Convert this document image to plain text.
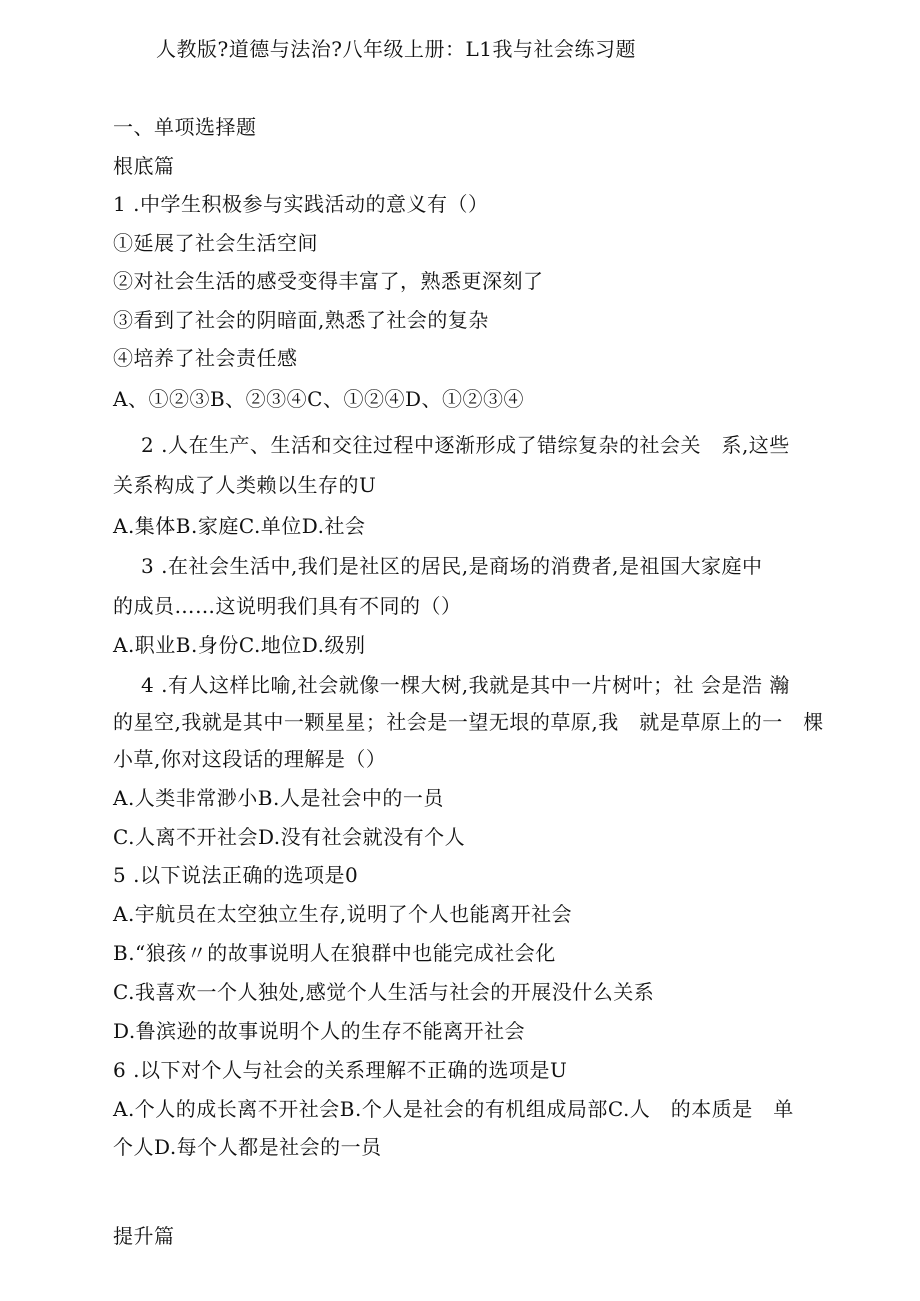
人教版?道德与法治?八年级上册：L1我与社会练习题
一、单项选择题
根底篇
1 .中学生积极参与实践活动的意义有（）
①延展了社会生活空间
②对社会生活的感受变得丰富了，熟悉更深刻了
③看到了社会的阴暗面,熟悉了社会的复杂
④培养了社会责任感
A、①②③B、②③④C、①②④D、①②③④
2 .人在生产、生活和交往过程中逐渐形成了错综复杂的社会关　系,这些
关系构成了人类赖以生存的U
A.集体B.家庭C.单位D.社会
3 .在社会生活中,我们是社区的居民,是商场的消费者,是祖国大家庭中
的成员……这说明我们具有不同的（）
A.职业B.身份C.地位D.级别
4 .有人这样比喻,社会就像一棵大树,我就是其中一片树叶；社 会是浩 瀚
的星空,我就是其中一颗星星；社会是一望无垠的草原,我　就是草原上的一　棵
小草,你对这段话的理解是（）
A.人类非常渺小B.人是社会中的一员
C.人离不开社会D.没有社会就没有个人
5 .以下说法正确的选项是0
A.宇航员在太空独立生存,说明了个人也能离开社会
B.“狼孩〃的故事说明人在狼群中也能完成社会化
C.我喜欢一个人独处,感觉个人生活与社会的开展没什么关系
D.鲁滨逊的故事说明个人的生存不能离开社会
6 .以下对个人与社会的关系理解不正确的选项是U
A.个人的成长离不开社会B.个人是社会的有机组成局部C.人　的本质是　单
个人D.每个人都是社会的一员
提升篇
